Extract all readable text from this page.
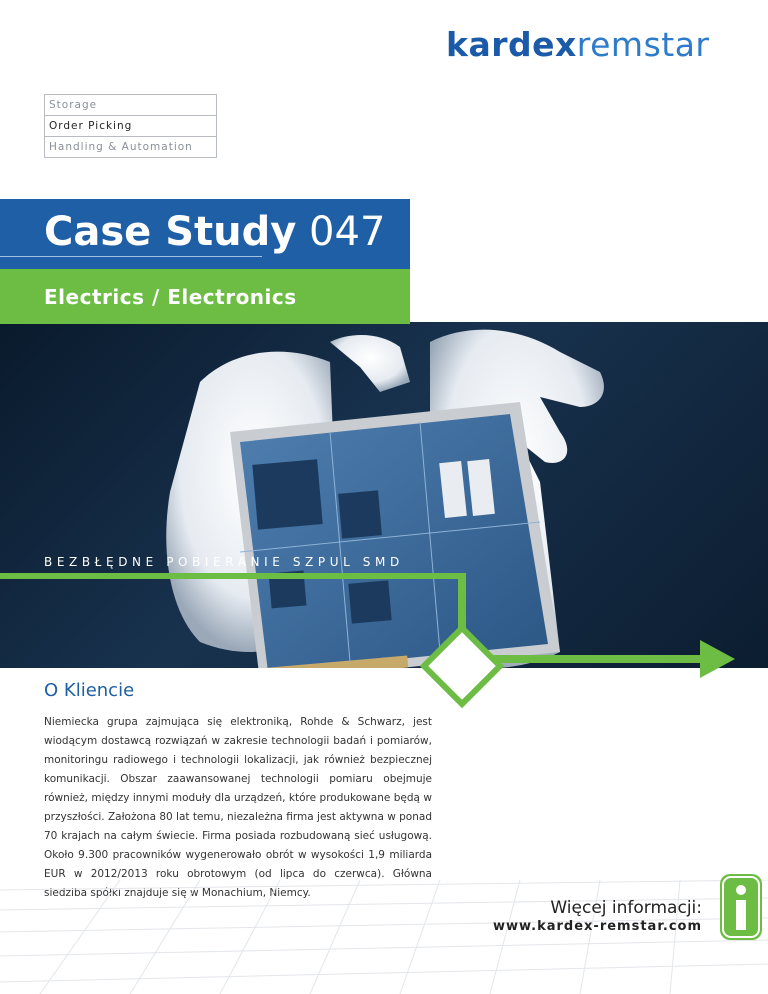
kardexremstar
Storage
Order Picking
Handling & Automation
Case Study 047
Electrics / Electronics
BEZBŁĘDNE POBIERANIE SZPUL SMD
O Kliencie
Niemiecka grupa zajmująca się elektroniką, Rohde & Schwarz, jest wiodącym dostawcą rozwiązań w zakresie technologii badań i pomiarów, monitoringu radiowego i technologii lokalizacji, jak również bezpiecznej komunikacji. Obszar zaawansowanej technologii pomiaru obejmuje również, między innymi moduły dla urządzeń, które produkowane będą w przyszłości. Założona 80 lat temu, niezależna firma jest aktywna w ponad 70 krajach na całym świecie. Firma posiada rozbudowaną sieć usługową. Około 9.300 pracowników wygenerowało obrót w wysokości 1,9 miliarda EUR w 2012/2013 roku obrotowym (od lipca do czerwca). Główna siedziba spółki znajduje się w Monachium, Niemcy.
Więcej informacji:
www.kardex-remstar.com
